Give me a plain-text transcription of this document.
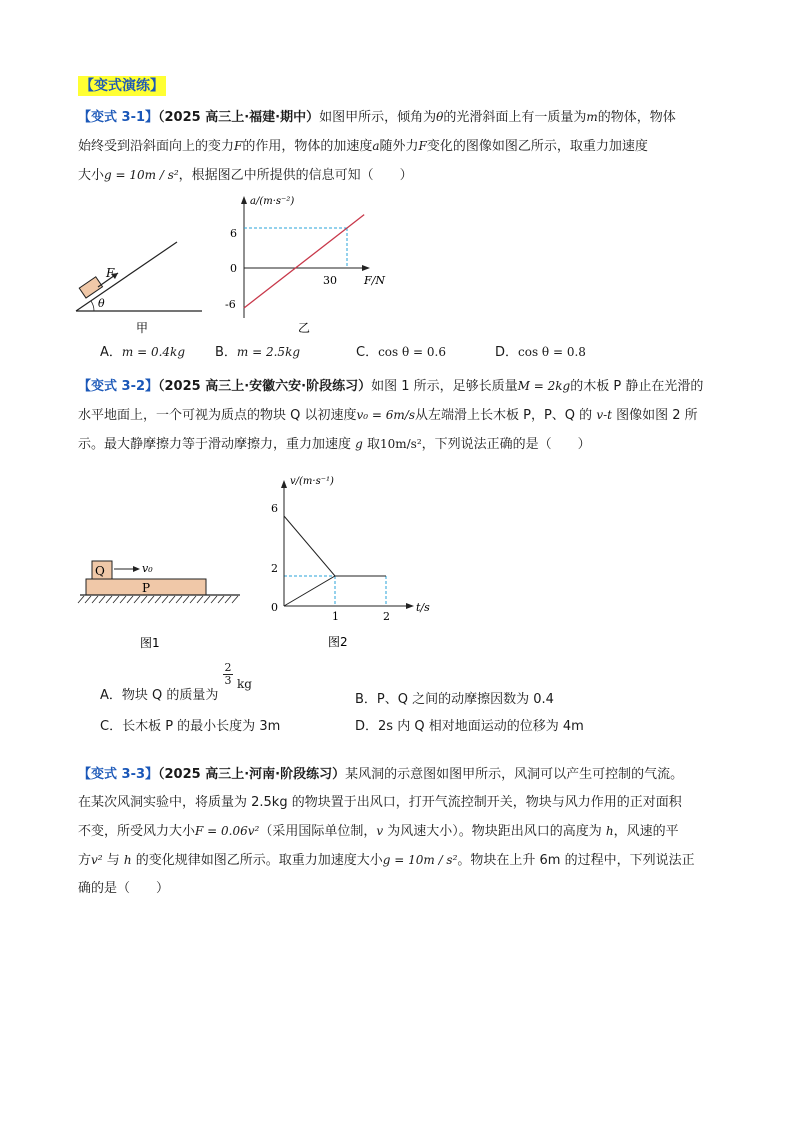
【变式演练】
【变式 3-1】（2025 高三上·福建·期中）如图甲所示，倾角为θ的光滑斜面上有一质量为m的物体，物体
始终受到沿斜面向上的变力F的作用，物体的加速度a随外力F变化的图像如图乙所示，取重力加速度
大小g = 10m / s²，根据图乙中所提供的信息可知（　　）
F
θ
甲
a/(m·s⁻²)
F/N
6
0
-6
30
乙
A．m = 0.4kg B．m = 2.5kg	C．cos θ = 0.6	D．cos θ = 0.8
【变式 3-2】（2025 高三上·安徽六安·阶段练习）如图 1 所示，足够长质量M = 2kg的木板 P 静止在光滑的
水平地面上，一个可视为质点的物块 Q 以初速度v₀ = 6m/s从左端滑上长木板 P，P、Q 的 v-t 图像如图 2 所
示。最大静摩擦力等于滑动摩擦力，重力加速度 g 取10m/s²，下列说法正确的是（　　）
Q	v₀
P
图1
v/(m·s⁻¹)
t/s
6
2
0
1	2
图2
A．物块 Q 的质量为
2
3 kg
B．P、Q 之间的动摩擦因数为 0.4
C．长木板 P 的最小长度为 3m	D．2s 内 Q 相对地面运动的位移为 4m
【变式 3-3】（2025 高三上·河南·阶段练习）某风洞的示意图如图甲所示，风洞可以产生可控制的气流。
在某次风洞实验中，将质量为 2.5kg 的物块置于出风口，打开气流控制开关，物块与风力作用的正对面积
不变，所受风力大小F = 0.06v²（采用国际单位制，v 为风速大小）。物块距出风口的高度为 h，风速的平
方v² 与 h 的变化规律如图乙所示。取重力加速度大小g = 10m / s²。物块在上升 6m 的过程中，下列说法正
确的是（　　）
